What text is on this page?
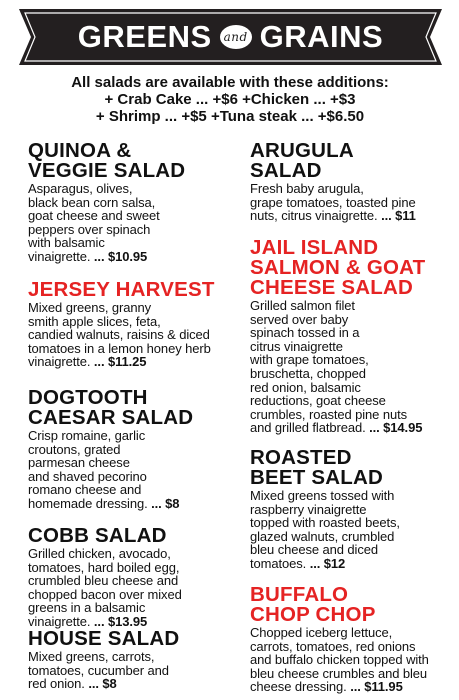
GREENS and GRAINS
All salads are available with these additions:
+ Crab Cake ... +$6 +Chicken ... +$3
+ Shrimp ... +$5 +Tuna steak ... +$6.50
QUINOA &
VEGGIE SALAD
Asparagus, olives,
black bean corn salsa,
goat cheese and sweet
peppers over spinach
with balsamic
vinaigrette. ... $10.95
JERSEY HARVEST
Mixed greens, granny
smith apple slices, feta,
candied walnuts, raisins & diced
tomatoes in a lemon honey herb
vinaigrette. ... $11.25
DOGTOOTH
CAESAR SALAD
Crisp romaine, garlic
croutons, grated
parmesan cheese
and shaved pecorino
romano cheese and
homemade dressing. ... $8
COBB SALAD
Grilled chicken, avocado,
tomatoes, hard boiled egg,
crumbled bleu cheese and
chopped bacon over mixed
greens in a balsamic
vinaigrette. ... $13.95
HOUSE SALAD
Mixed greens, carrots,
tomatoes, cucumber and
red onion. ... $8
ARUGULA
SALAD
Fresh baby arugula,
grape tomatoes, toasted pine
nuts, citrus vinaigrette. ... $11
JAIL ISLAND
SALMON & GOAT
CHEESE SALAD
Grilled salmon filet
served over baby
spinach tossed in a
citrus vinaigrette
with grape tomatoes,
bruschetta, chopped
red onion, balsamic
reductions, goat cheese
crumbles, roasted pine nuts
and grilled flatbread. ... $14.95
ROASTED
BEET SALAD
Mixed greens tossed with
raspberry vinaigrette
topped with roasted beets,
glazed walnuts, crumbled
bleu cheese and diced
tomatoes. ... $12
BUFFALO
CHOP CHOP
Chopped iceberg lettuce,
carrots, tomatoes, red onions
and buffalo chicken topped with
bleu cheese crumbles and bleu
cheese dressing. ... $11.95
